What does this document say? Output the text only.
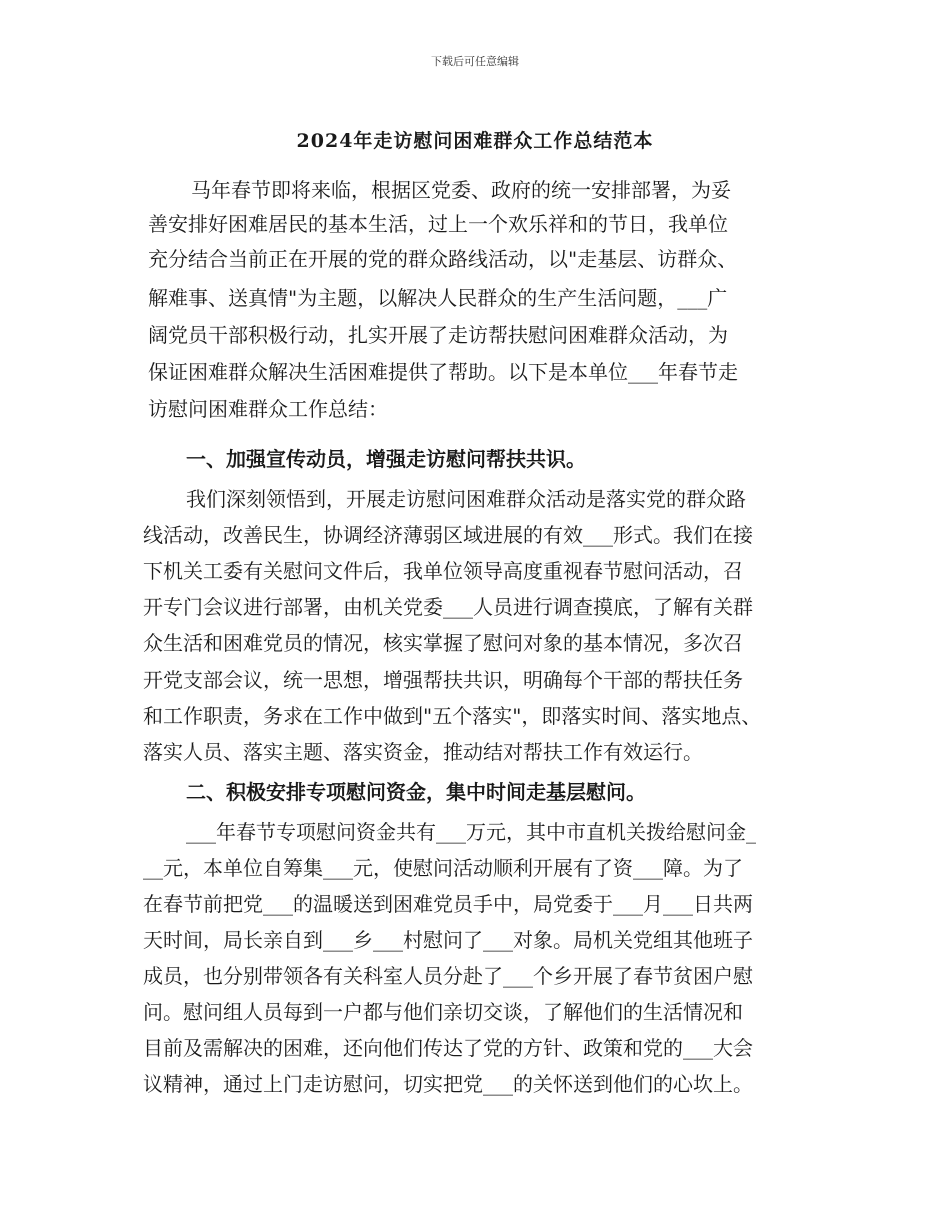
下载后可任意编辑
2024年走访慰问困难群众工作总结范本
马年春节即将来临，根据区党委、政府的统一安排部署，为妥
善安排好困难居民的基本生活，过上一个欢乐祥和的节日，我单位
充分结合当前正在开展的党的群众路线活动，以"走基层、访群众、
解难事、送真情"为主题，以解决人民群众的生产生活问题，___广
阔党员干部积极行动，扎实开展了走访帮扶慰问困难群众活动，为
保证困难群众解决生活困难提供了帮助。以下是本单位___年春节走
访慰问困难群众工作总结：
一、加强宣传动员，增强走访慰问帮扶共识。
我们深刻领悟到，开展走访慰问困难群众活动是落实党的群众路
线活动，改善民生，协调经济薄弱区域进展的有效___形式。我们在接
下机关工委有关慰问文件后，我单位领导高度重视春节慰问活动，召
开专门会议进行部署，由机关党委___人员进行调查摸底，了解有关群
众生活和困难党员的情况，核实掌握了慰问对象的基本情况，多次召
开党支部会议，统一思想，增强帮扶共识，明确每个干部的帮扶任务
和工作职责，务求在工作中做到"五个落实"，即落实时间、落实地点、
落实人员、落实主题、落实资金，推动结对帮扶工作有效运行。
二、积极安排专项慰问资金，集中时间走基层慰问。
___年春节专项慰问资金共有___万元，其中市直机关拨给慰问金_
__元，本单位自筹集___元，使慰问活动顺利开展有了资___障。为了
在春节前把党___的温暖送到困难党员手中，局党委于___月___日共两
天时间，局长亲自到___乡___村慰问了___对象。局机关党组其他班子
成员，也分别带领各有关科室人员分赴了___个乡开展了春节贫困户慰
问。慰问组人员每到一户都与他们亲切交谈，了解他们的生活情况和
目前及需解决的困难，还向他们传达了党的方针、政策和党的___大会
议精神，通过上门走访慰问，切实把党___的关怀送到他们的心坎上。
